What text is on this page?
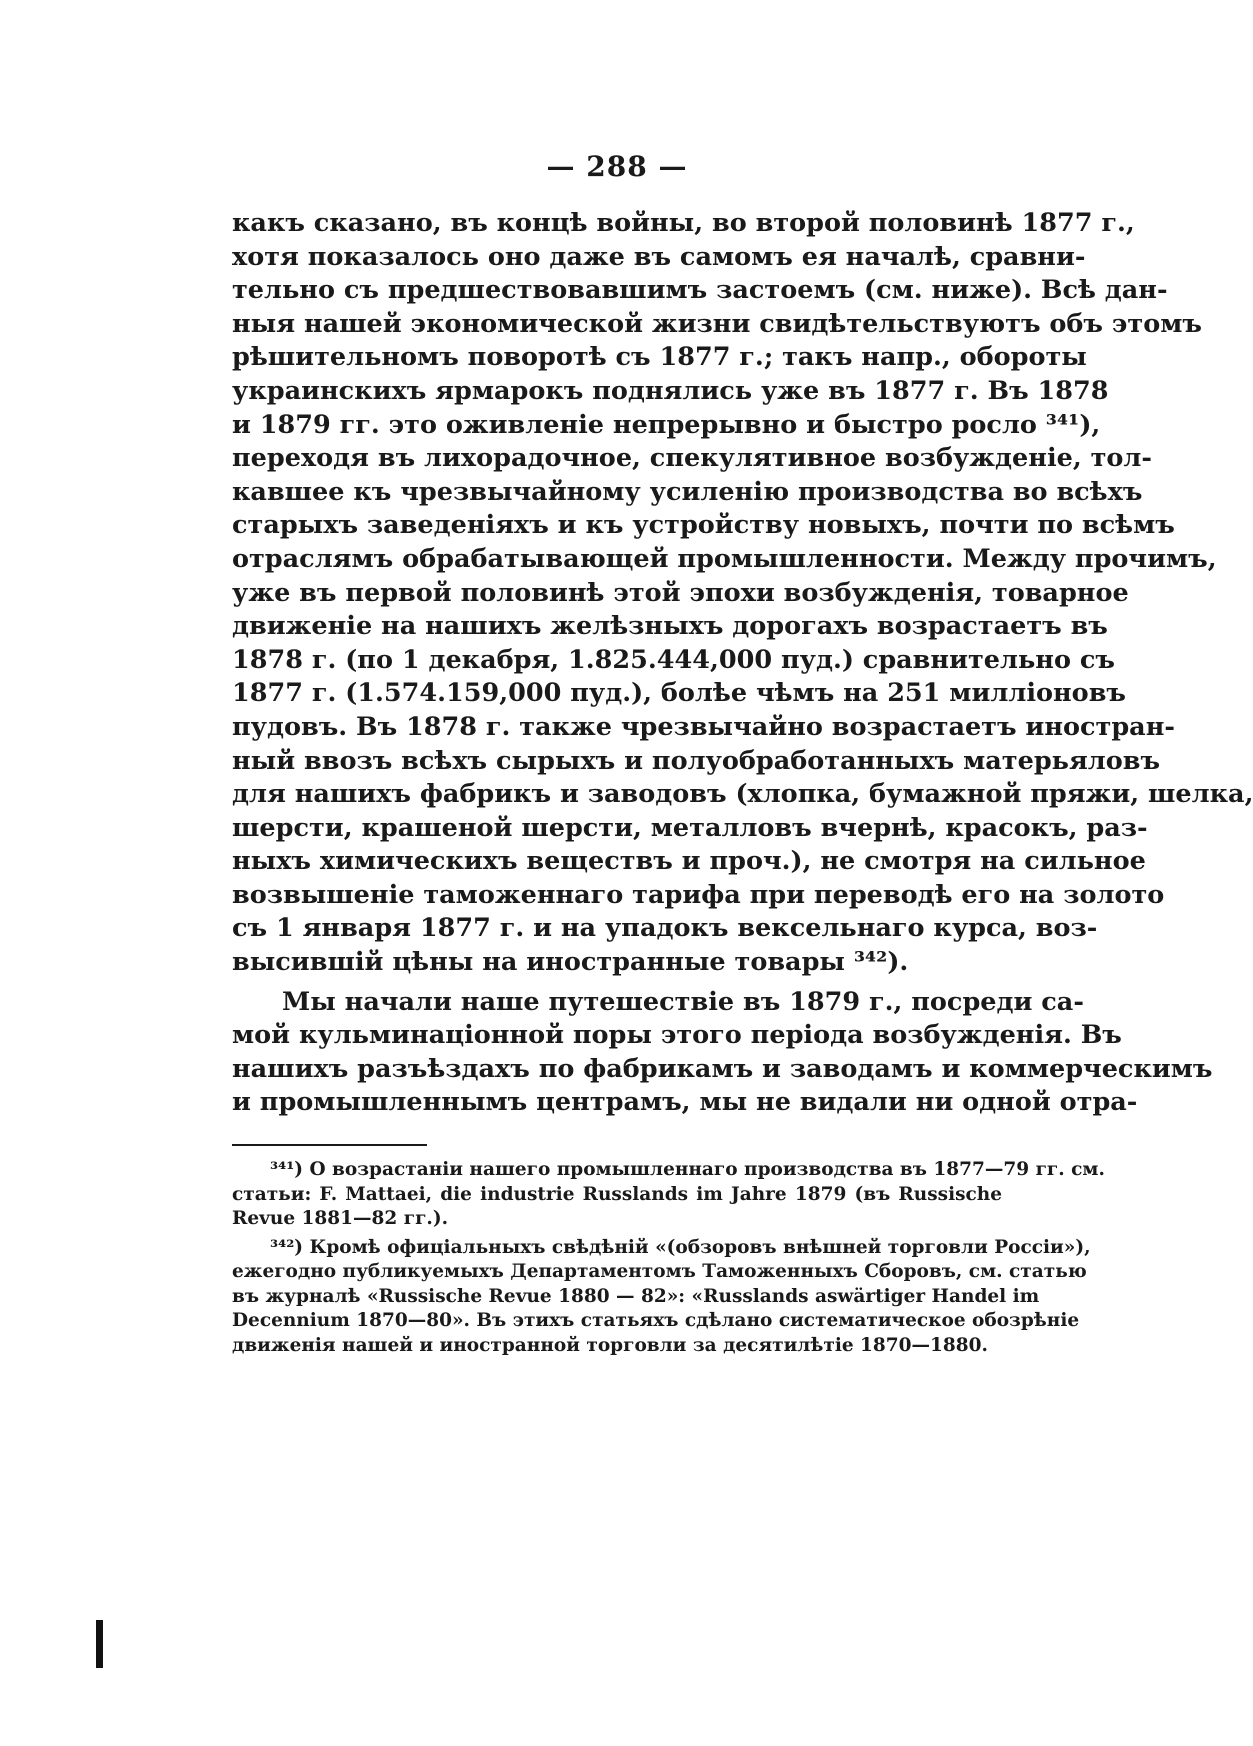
— 288 —
какъ сказано, въ концѣ войны, во второй половинѣ 1877 г.,
хотя показалось оно даже въ самомъ ея началѣ, сравни-
тельно съ предшествовавшимъ застоемъ (см. ниже). Всѣ дан-
ныя нашей экономической жизни свидѣтельствуютъ объ этомъ
рѣшительномъ поворотѣ съ 1877 г.; такъ напр., обороты
украинскихъ ярмарокъ поднялись уже въ 1877 г. Въ 1878
и 1879 гг. это оживленіе непрерывно и быстро росло ³⁴¹),
переходя въ лихорадочное, спекулятивное возбужденіе, тол-
кавшее къ чрезвычайному усиленію производства во всѣхъ
старыхъ заведеніяхъ и къ устройству новыхъ, почти по всѣмъ
отраслямъ обрабатывающей промышленности. Между прочимъ,
уже въ первой половинѣ этой эпохи возбужденія, товарное
движеніе на нашихъ желѣзныхъ дорогахъ возрастаетъ въ
1878 г. (по 1 декабря, 1.825.444,000 пуд.) сравнительно съ
1877 г. (1.574.159,000 пуд.), болѣе чѣмъ на 251 милліоновъ
пудовъ. Въ 1878 г. также чрезвычайно возрастаетъ иностран-
ный ввозъ всѣхъ сырыхъ и полуобработанныхъ матерьяловъ
для нашихъ фабрикъ и заводовъ (хлопка, бумажной пряжи, шелка,
шерсти, крашеной шерсти, металловъ вчернѣ, красокъ, раз-
ныхъ химическихъ веществъ и проч.), не смотря на сильное
возвышеніе таможеннаго тарифа при переводѣ его на золото
съ 1 января 1877 г. и на упадокъ вексельнаго курса, воз-
высившій цѣны на иностранные товары ³⁴²).
Мы начали наше путешествіе въ 1879 г., посреди са-
мой кульминаціонной поры этого періода возбужденія. Въ
нашихъ разъѣздахъ по фабрикамъ и заводамъ и коммерческимъ
и промышленнымъ центрамъ, мы не видали ни одной отра-
³⁴¹) О возрастаніи нашего промышленнаго производства въ 1877—79 гг. см.
статьи: F. Mattaei, die industrie Russlands im Jahre 1879 (въ Russische
Revue 1881—82 гг.).
³⁴²) Кромѣ офиціальныхъ свѣдѣній «(обзоровъ внѣшней торговли Россіи»),
ежегодно публикуемыхъ Департаментомъ Таможенныхъ Сборовъ, см. статью
въ журналѣ «Russische Revue 1880 — 82»: «Russlands aswärtiger Handel im
Decennium 1870—80». Въ этихъ статьяхъ сдѣлано систематическое обозрѣніе
движенія нашей и иностранной торговли за десятилѣтіе 1870—1880.
